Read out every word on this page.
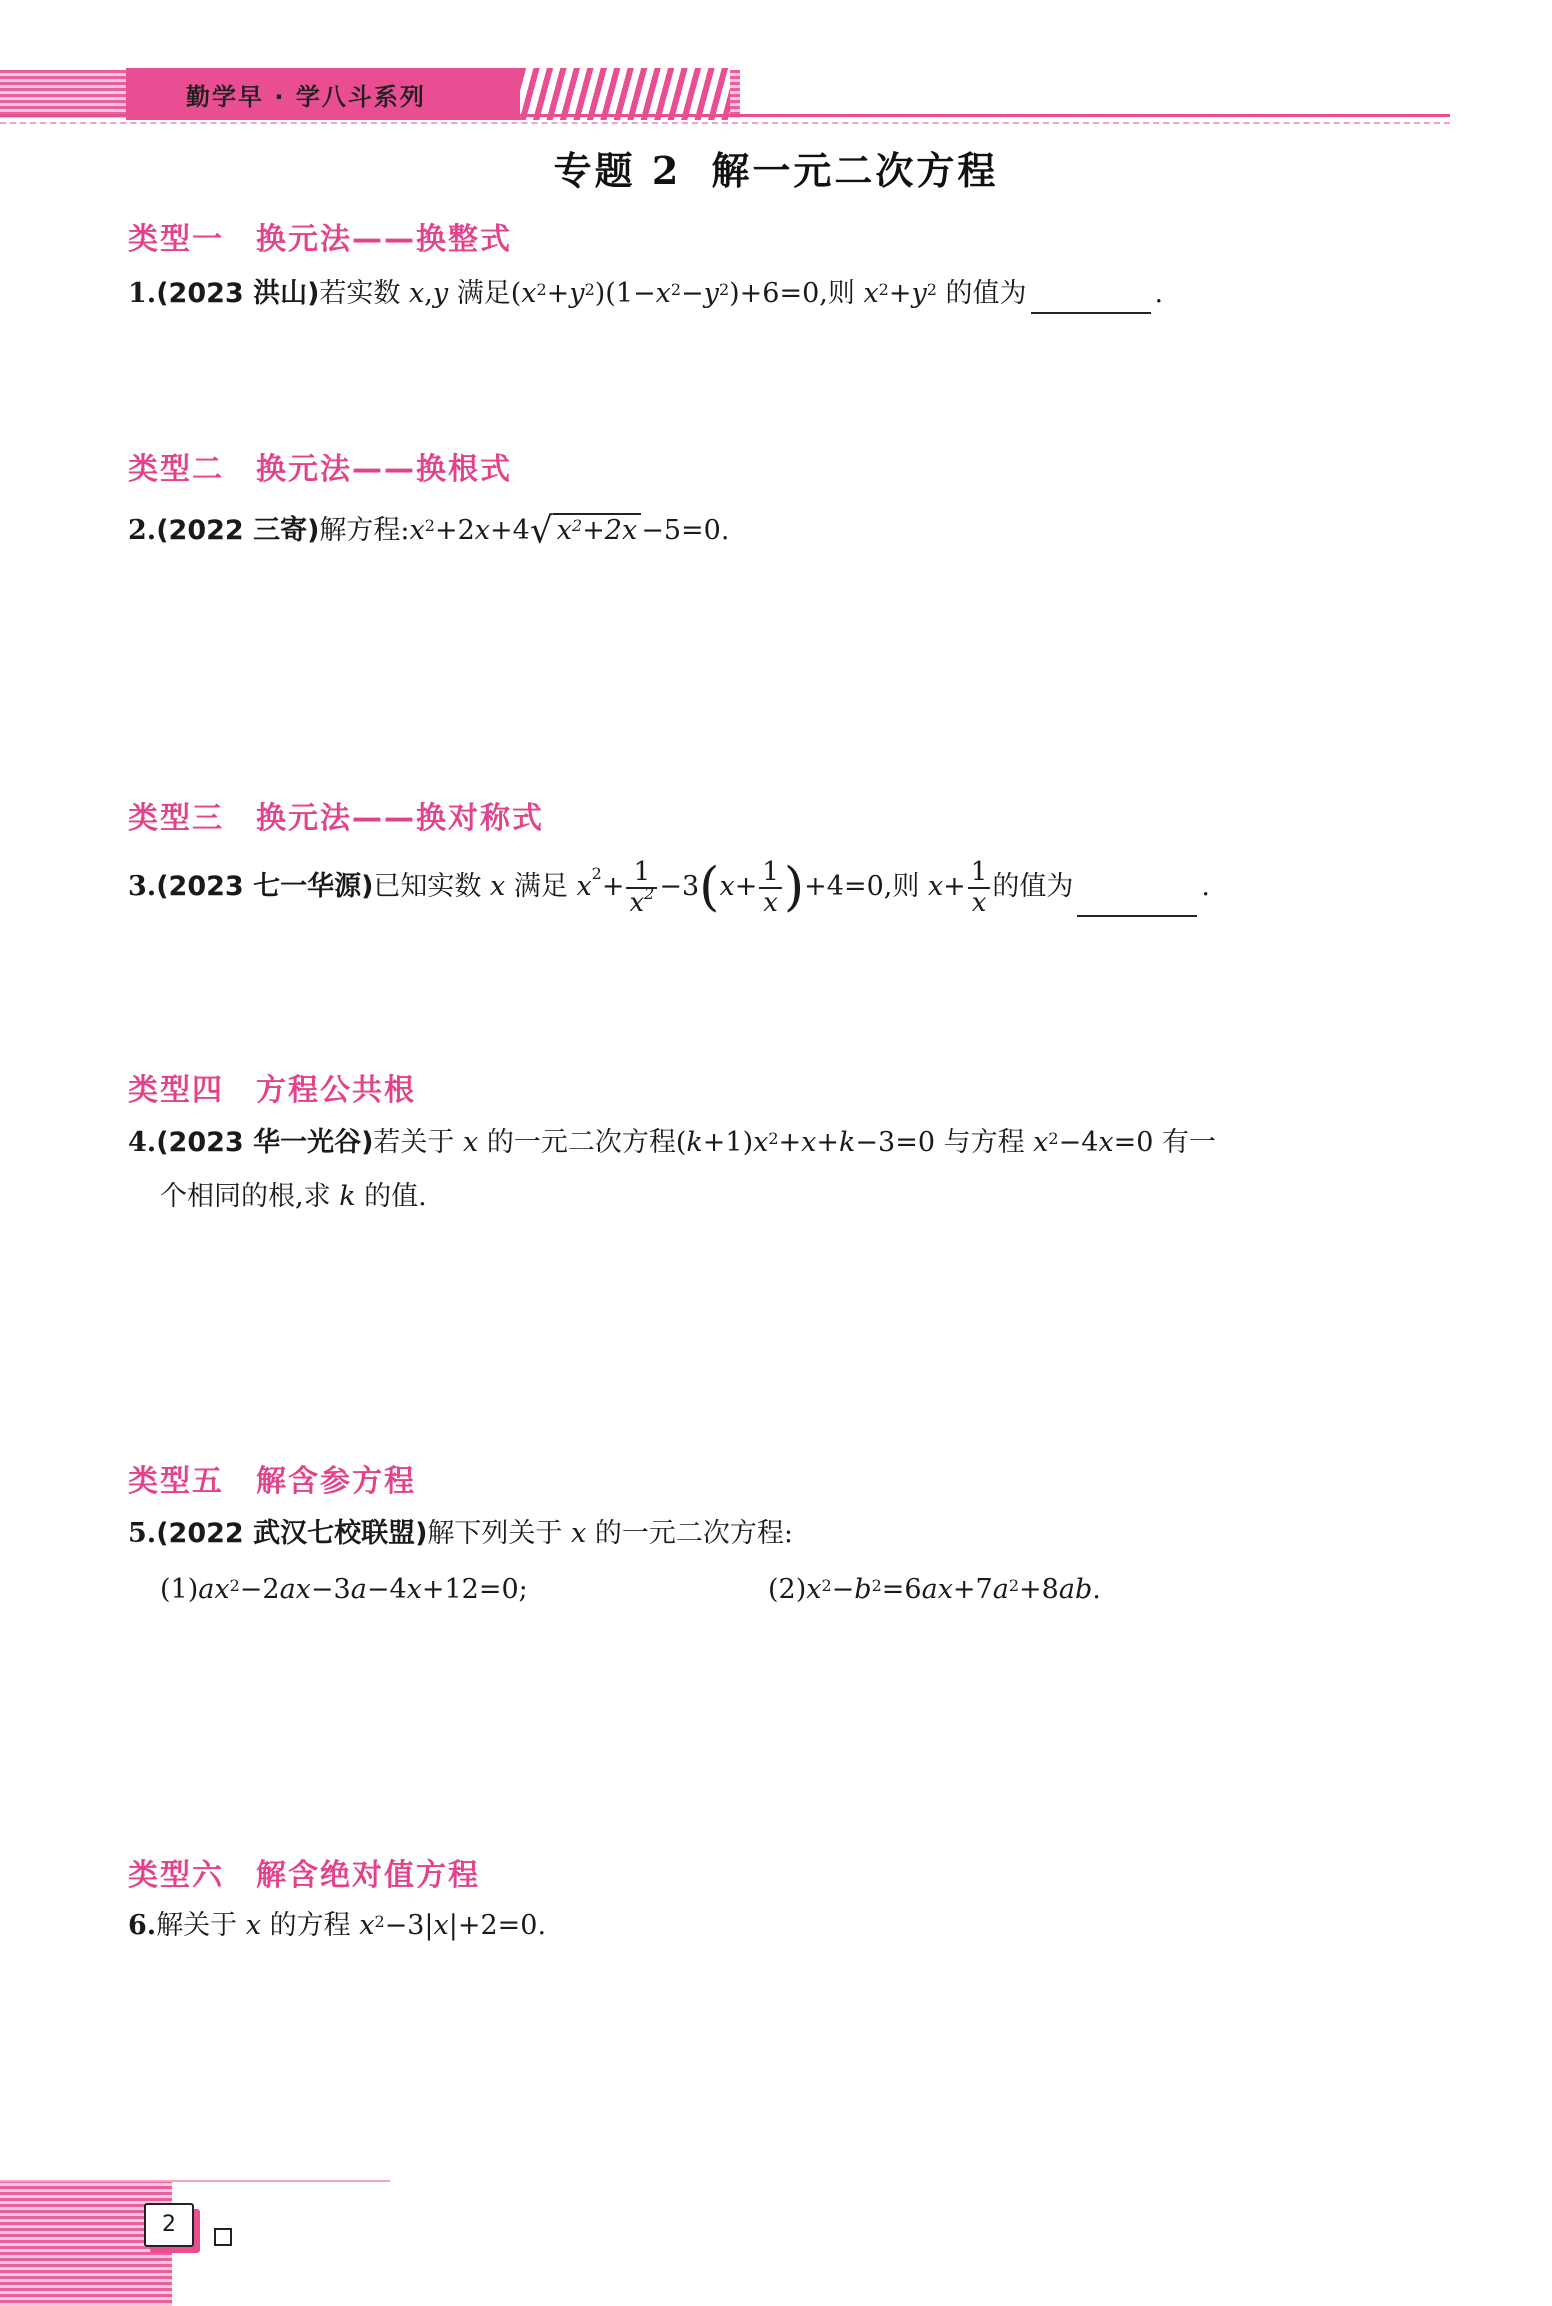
勤学早 · 学八斗系列
专题 2 解一元二次方程
类型一 换元法——换整式
1.(2023 洪山)若实数 x,y 满足$(x^2+y^2)(1-x^2-y^2)+6=0$,则 $x^2+y^2$ 的值为	.
类型二 换元法——换根式
2.(2022 三寄)解方程$:x^2+2x+4√$ $x^2+2x -5=0$.
类型三 换元法——换对称式
3.(2023 七一华源)已知实数 x 满足 $x^2+ \frac{1}{x^2} -3(x+ \frac{1}{x} )+4=0$,则 $x+ \frac{1}{x}$ 的值为	.
类型四 方程公共根
4.(2023 华一光谷)若关于 x 的一元二次方程$(k+1)x^2+x+k-3=0$ 与方程 $x^2-4x=0$ 有一
个相同的根,求 k 的值.
类型五 解含参方程
5.(2022 武汉七校联盟)解下列关于 x 的一元二次方程:
$(1)ax^2-2ax-3a-4x+12=0$;	$(2)x^2-b^2=6ax+7a^2+8ab$.
类型六 解含绝对值方程
6.解关于 x 的方程 $x^2-3|x|+2=0$.
2
